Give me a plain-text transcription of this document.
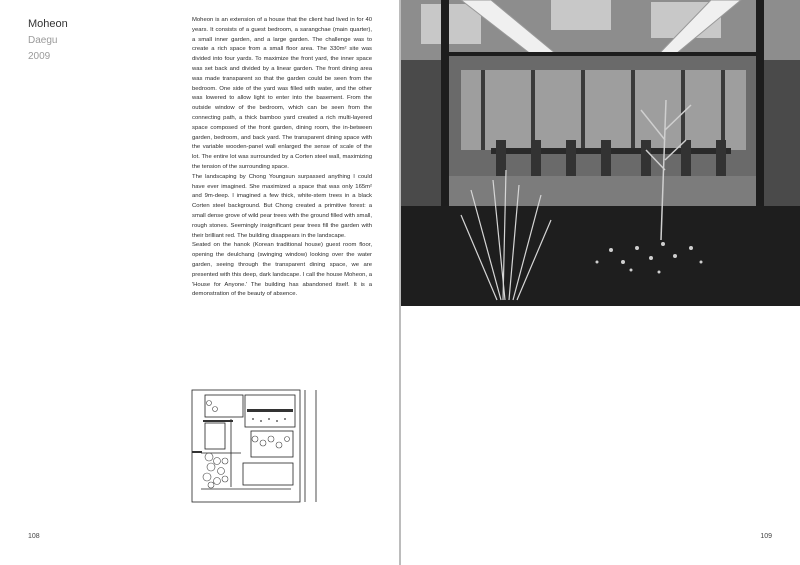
Moheon
Daegu
2009

Moheon is an extension of a house that the client had lived in for 40 years. It consists of a guest bedroom, a sarangchae (main quarter), a small inner garden, and a large garden. The challenge was to create a rich space from a small floor area. The 330m² site was divided into four yards. To maximize the front yard, the inner space was set back and divided by a linear garden. The front dining area was made transparent so that the garden could be seen from the bedroom. One side of the yard was filled with water, and the other was lowered to allow light to enter into the basement. From the outside window of the bedroom, which can be seen from the connecting path, a thick bamboo yard created a rich multi-layered space composed of the front garden, dining room, the in-between garden, bedroom, and back yard. The transparent dining space with the variable wooden-panel wall enlarged the sense of scale of the lot. The entire lot was surrounded by a Corten steel wall, maximizing the tension of the surrounding space.

The landscaping by Chong Youngsun surpassed anything I could have ever imagined. She maximized a space that was only 165m² and 9m-deep. I imagined a few thick, white-stem trees in a black Corten steel background. But Chong created a primitive forest: a small dense grove of wild pear trees with the ground filled with small, rough stones. Seemingly insignificant pear trees fill the garden with their brilliant red. The building disappears in the landscape.

Seated on the hanok (Korean traditional house) guest room floor, opening the deulchang (swinging window) looking over the water garden, seeing through the transparent dining space, we are presented with this deep, dark landscape. I call the house Moheon, a 'House for Anyone.' The building has abandoned itself. It is a demonstration of the beauty of absence.

108	109
